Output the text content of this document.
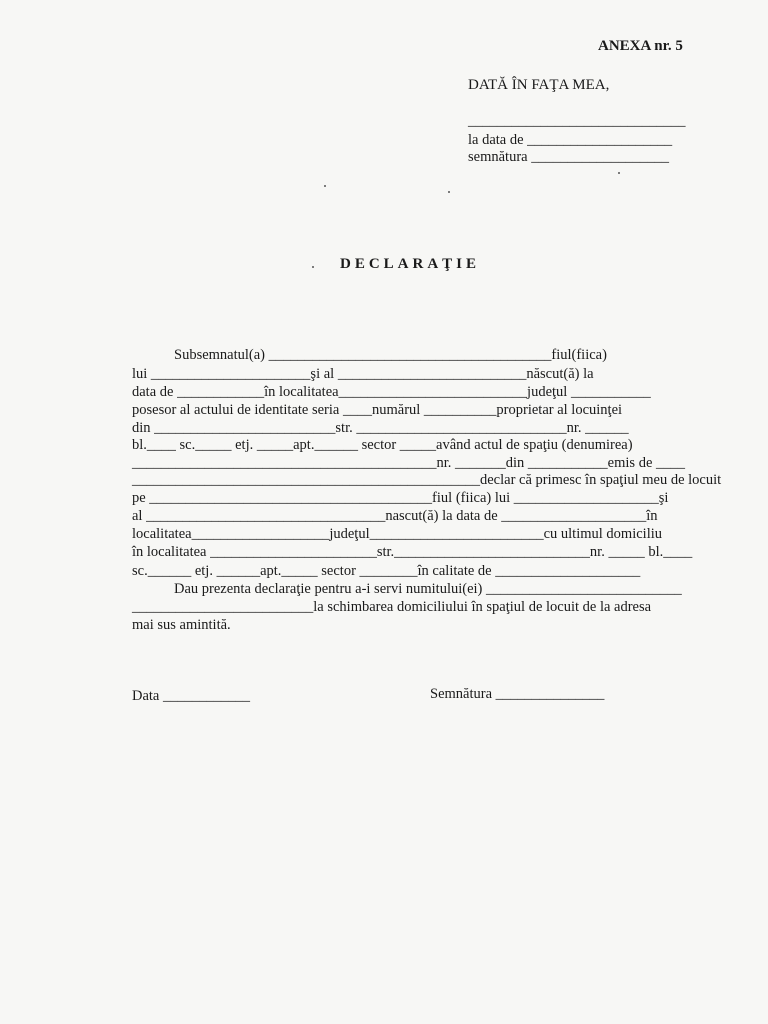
ANEXA nr. 5
DATĂ ÎN FAŢA MEA,
______________________________
la data de ____________________
semnătura ___________________
DECLARAŢIE
Subsemnatul(a) _______________________________________fiul(fiica)
lui ______________________şi al __________________________născut(ă) la
data de ____________în localitatea__________________________judeţul ___________
posesor al actului de identitate seria ____numărul __________proprietar al locuinţei
din _________________________str. _____________________________nr. ______
bl.____ sc._____ etj. _____apt.______ sector _____având actul de spaţiu (denumirea)
__________________________________________nr. _______din ___________emis de ____
________________________________________________declar că primesc în spaţiul meu de locuit
pe _______________________________________fiul (fiica) lui ____________________şi
al _________________________________nascut(ă) la data de ____________________în
localitatea___________________judeţul________________________cu ultimul domiciliu
în localitatea _______________________str.___________________________nr. _____ bl.____
sc.______ etj. ______apt._____ sector ________în calitate de ____________________
Dau prezenta declaraţie pentru a-i servi numitului(ei) ___________________________
_________________________la schimbarea domiciliului în spaţiul de locuit de la adresa
mai sus amintită.
Data ____________	Semnătura _______________
